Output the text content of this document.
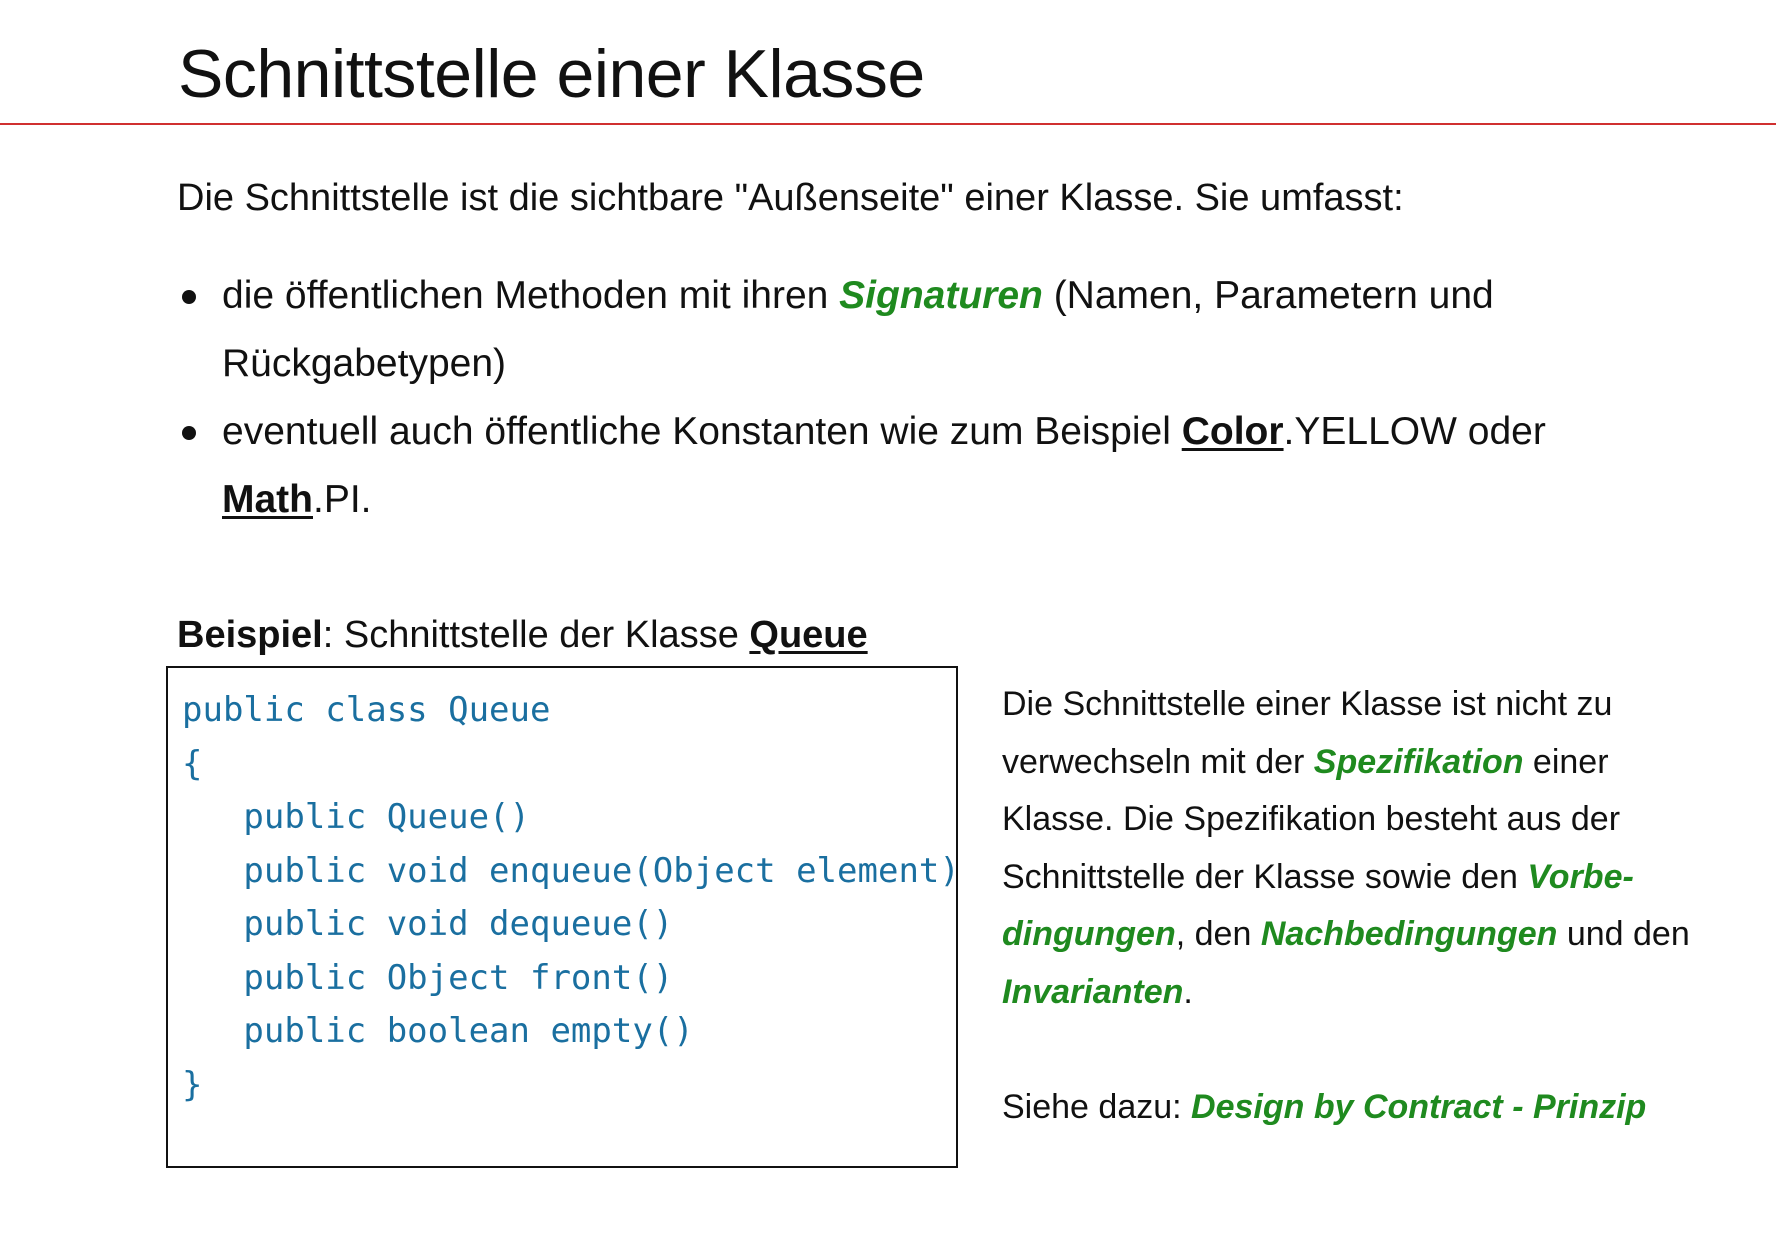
Schnittstelle einer Klasse

Die Schnittstelle ist die sichtbare "Außenseite" einer Klasse. Sie umfasst:

die öffentlichen Methoden mit ihren Signaturen (Namen, Parametern und Rückgabetypen)
eventuell auch öffentliche Konstanten wie zum Beispiel Color.YELLOW oder Math.PI.

Beispiel: Schnittstelle der Klasse Queue

public class Queue
{
public Queue()
public void enqueue(Object element)
public void dequeue()
public Object front()
public boolean empty()
}

Die Schnittstelle einer Klasse ist nicht zu verwechseln mit der Spezifikation einer Klasse. Die Spezifikation besteht aus der Schnittstelle der Klasse sowie den Vorbe-
dingungen, den Nachbedingungen und den Invarianten.

Siehe dazu: Design by Contract - Prinzip
